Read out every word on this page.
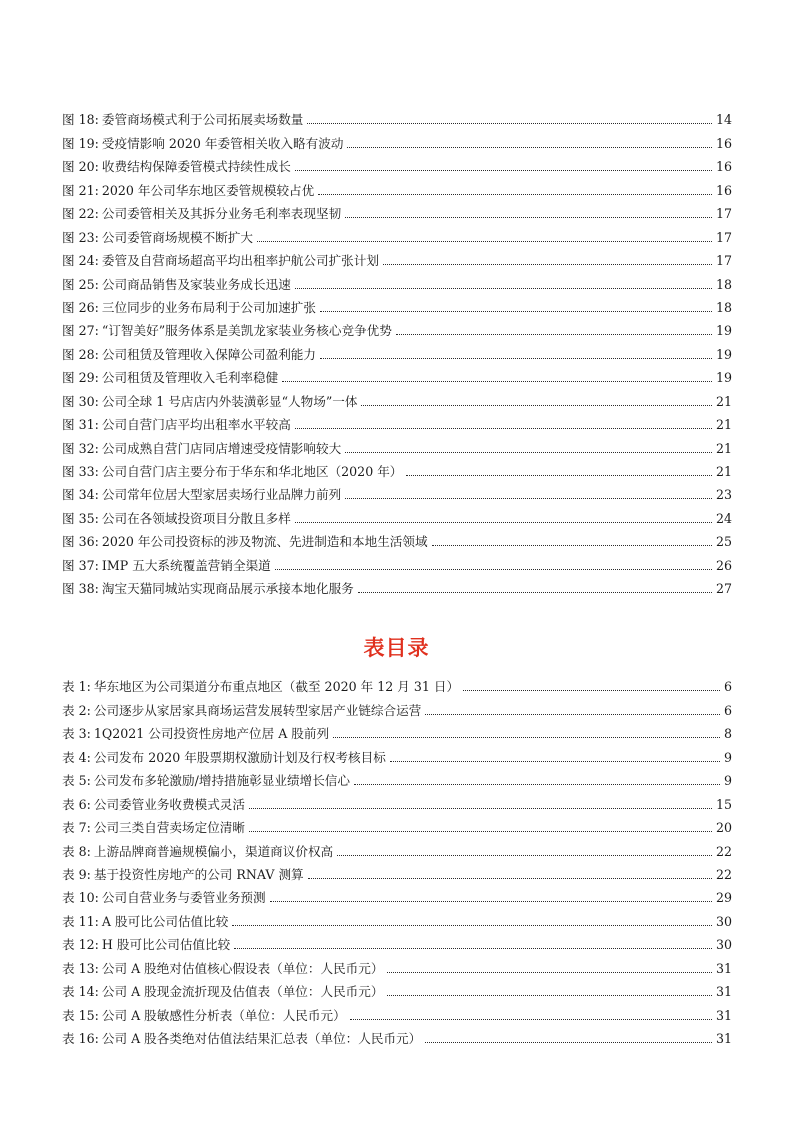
图 18: 委管商场模式利于公司拓展卖场数量	14
图 19: 受疫情影响 2020 年委管相关收入略有波动	16
图 20: 收费结构保障委管模式持续性成长	16
图 21: 2020 年公司华东地区委管规模较占优	16
图 22: 公司委管相关及其拆分业务毛利率表现坚韧	17
图 23: 公司委管商场规模不断扩大	17
图 24: 委管及自营商场超高平均出租率护航公司扩张计划	17
图 25: 公司商品销售及家装业务成长迅速	18
图 26: 三位同步的业务布局利于公司加速扩张	18
图 27: “订智美好”服务体系是美凯龙家装业务核心竞争优势	19
图 28: 公司租赁及管理收入保障公司盈利能力	19
图 29: 公司租赁及管理收入毛利率稳健	19
图 30: 公司全球 1 号店店内外装潢彰显“人物场”一体	21
图 31: 公司自营门店平均出租率水平较高	21
图 32: 公司成熟自营门店同店增速受疫情影响较大	21
图 33: 公司自营门店主要分布于华东和华北地区（2020 年）	21
图 34: 公司常年位居大型家居卖场行业品牌力前列	23
图 35: 公司在各领域投资项目分散且多样	24
图 36: 2020 年公司投资标的涉及物流、先进制造和本地生活领域	25
图 37: IMP 五大系统覆盖营销全渠道	26
图 38: 淘宝天猫同城站实现商品展示承接本地化服务	27
表目录
表 1: 华东地区为公司渠道分布重点地区（截至 2020 年 12 月 31 日）	6
表 2: 公司逐步从家居家具商场运营发展转型家居产业链综合运营	6
表 3: 1Q2021 公司投资性房地产位居 A 股前列	8
表 4: 公司发布 2020 年股票期权激励计划及行权考核目标	9
表 5: 公司发布多轮激励/增持措施彰显业绩增长信心	9
表 6: 公司委管业务收费模式灵活	15
表 7: 公司三类自营卖场定位清晰	20
表 8: 上游品牌商普遍规模偏小，渠道商议价权高	22
表 9: 基于投资性房地产的公司 RNAV 测算	22
表 10: 公司自营业务与委管业务预测	29
表 11: A 股可比公司估值比较	30
表 12: H 股可比公司估值比较	30
表 13: 公司 A 股绝对估值核心假设表（单位：人民币元）	31
表 14: 公司 A 股现金流折现及估值表（单位：人民币元）	31
表 15: 公司 A 股敏感性分析表（单位：人民币元）	31
表 16: 公司 A 股各类绝对估值法结果汇总表（单位：人民币元）	31
